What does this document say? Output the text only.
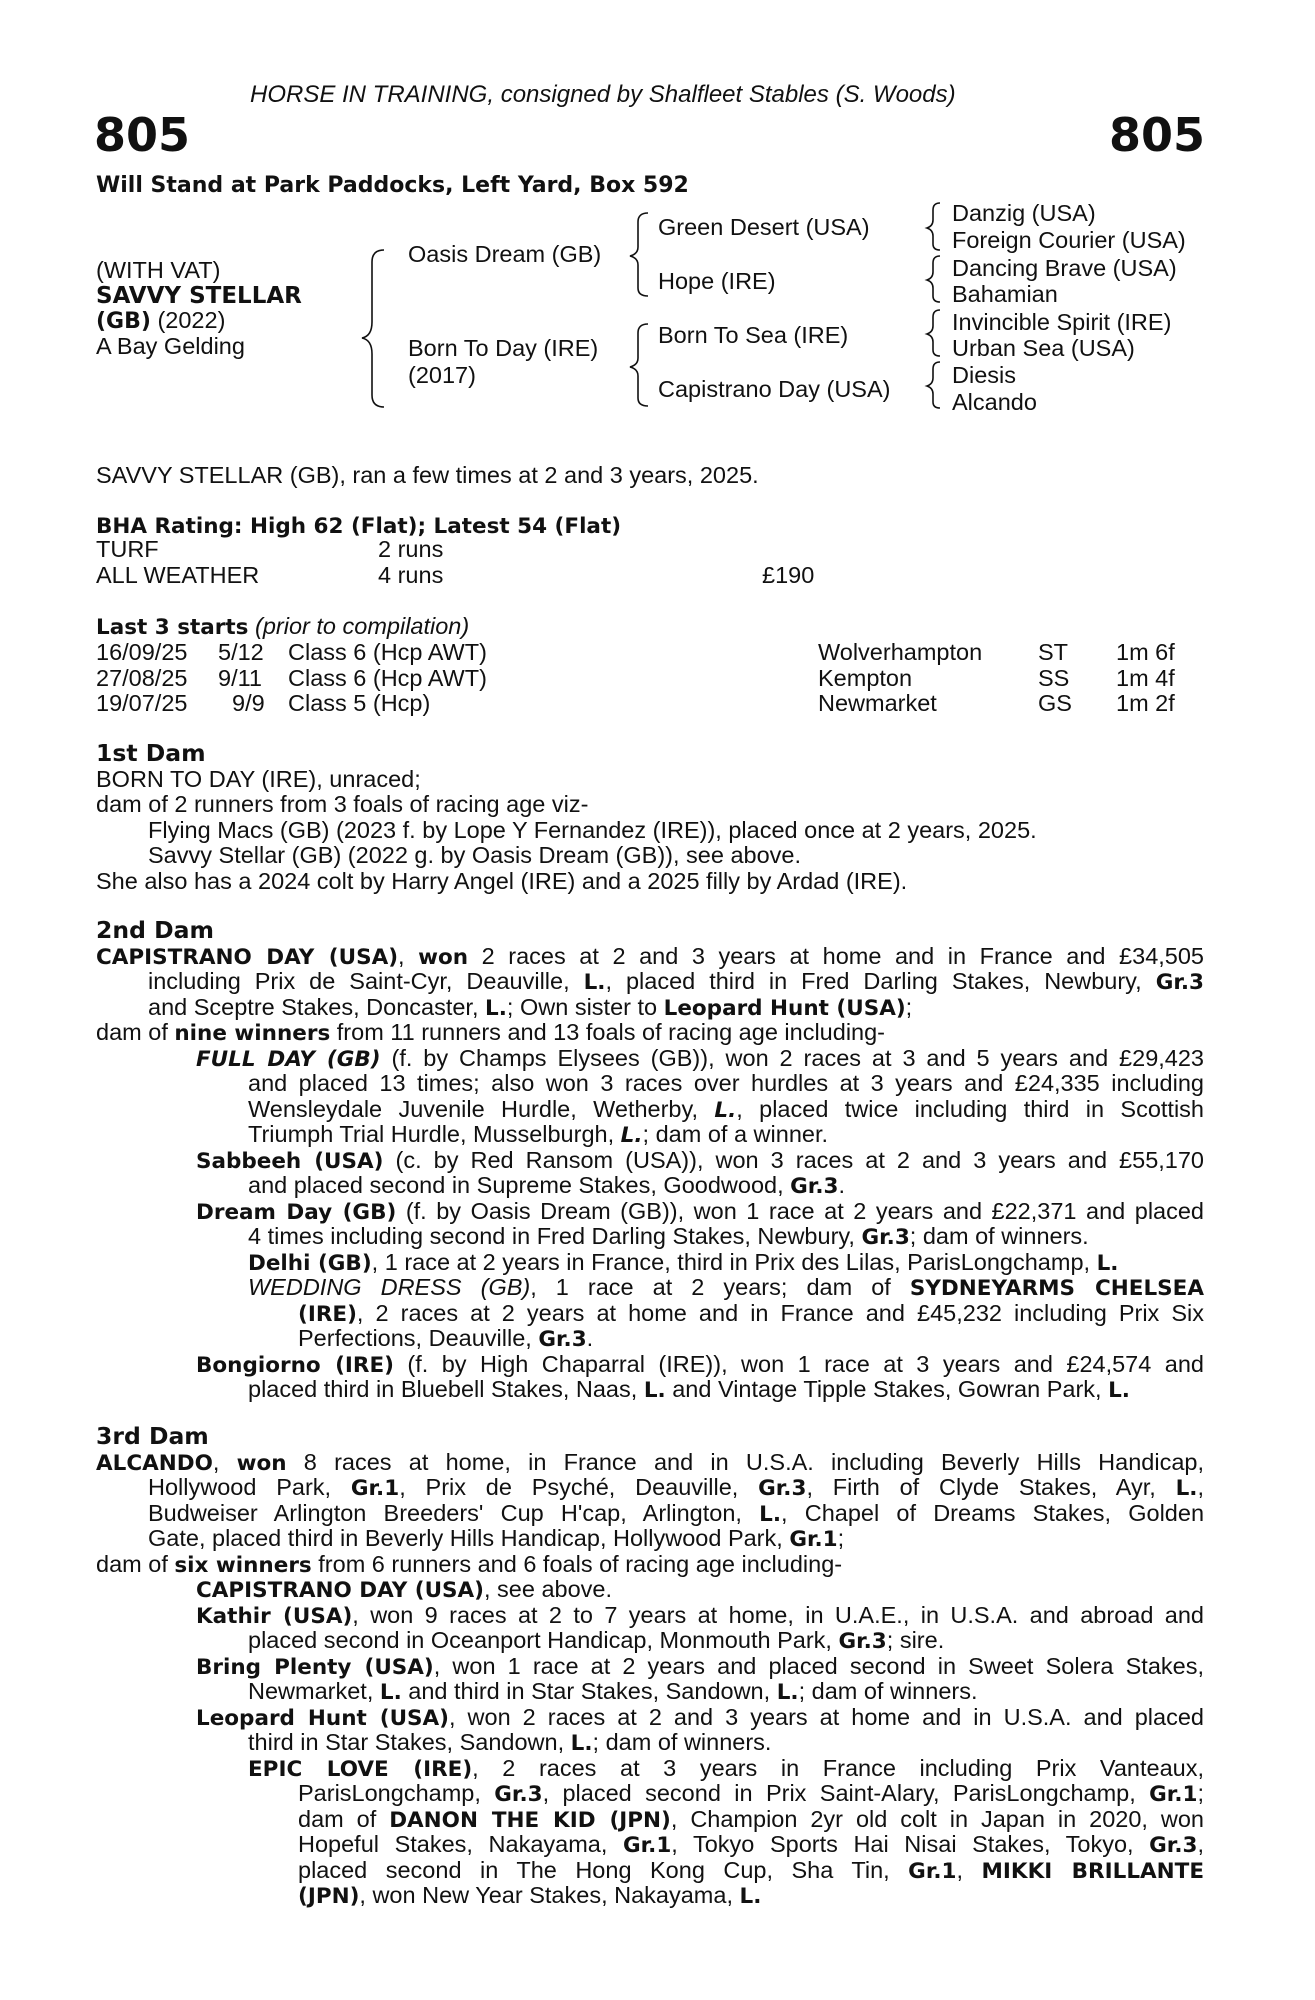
HORSE IN TRAINING, consigned by Shalfleet Stables (S. Woods)
805	805
Will Stand at Park Paddocks, Left Yard, Box 592
(WITH VAT)
SAVVY STELLAR
(GB) (2022)
A Bay Gelding
Oasis Dream (GB)
Born To Day (IRE)
(2017)
Green Desert (USA)
Hope (IRE)
Born To Sea (IRE)
Capistrano Day (USA)
Danzig (USA)
Foreign Courier (USA)
Dancing Brave (USA)
Bahamian
Invincible Spirit (IRE)
Urban Sea (USA)
Diesis
Alcando
SAVVY STELLAR (GB), ran a few times at 2 and 3 years, 2025.
BHA Rating: High 62 (Flat); Latest 54 (Flat)
TURF	2 runs
ALL WEATHER	4 runs	£190
Last 3 starts (prior to compilation)
16/09/25 5/12 Class 6 (Hcp AWT)	Wolverhampton ST 1m 6f
27/08/25 9/11 Class 6 (Hcp AWT)	Kempton	SS 1m 4f
19/07/25 9/9 Class 5 (Hcp)	Newmarket	GS 1m 2f
1st Dam
BORN TO DAY (IRE), unraced;
dam of 2 runners from 3 foals of racing age viz-
Flying Macs (GB) (2023 f. by Lope Y Fernandez (IRE)), placed once at 2 years, 2025.
Savvy Stellar (GB) (2022 g. by Oasis Dream (GB)), see above.
She also has a 2024 colt by Harry Angel (IRE) and a 2025 filly by Ardad (IRE).
2nd Dam
CAPISTRANO DAY (USA), won 2 races at 2 and 3 years at home and in France and £34,505
including Prix de Saint-Cyr, Deauville, L., placed third in Fred Darling Stakes, Newbury, Gr.3
and Sceptre Stakes, Doncaster, L.; Own sister to Leopard Hunt (USA);
dam of nine winners from 11 runners and 13 foals of racing age including-
FULL DAY (GB) (f. by Champs Elysees (GB)), won 2 races at 3 and 5 years and £29,423
and placed 13 times; also won 3 races over hurdles at 3 years and £24,335 including
Wensleydale Juvenile Hurdle, Wetherby, L., placed twice including third in Scottish
Triumph Trial Hurdle, Musselburgh, L.; dam of a winner.
Sabbeeh (USA) (c. by Red Ransom (USA)), won 3 races at 2 and 3 years and £55,170
and placed second in Supreme Stakes, Goodwood, Gr.3.
Dream Day (GB) (f. by Oasis Dream (GB)), won 1 race at 2 years and £22,371 and placed
4 times including second in Fred Darling Stakes, Newbury, Gr.3; dam of winners.
Delhi (GB), 1 race at 2 years in France, third in Prix des Lilas, ParisLongchamp, L.
WEDDING DRESS (GB), 1 race at 2 years; dam of SYDNEYARMS CHELSEA
(IRE), 2 races at 2 years at home and in France and £45,232 including Prix Six
Perfections, Deauville, Gr.3.
Bongiorno (IRE) (f. by High Chaparral (IRE)), won 1 race at 3 years and £24,574 and
placed third in Bluebell Stakes, Naas, L. and Vintage Tipple Stakes, Gowran Park, L.
3rd Dam
ALCANDO, won 8 races at home, in France and in U.S.A. including Beverly Hills Handicap,
Hollywood Park, Gr.1, Prix de Psyché, Deauville, Gr.3, Firth of Clyde Stakes, Ayr, L.,
Budweiser Arlington Breeders' Cup H'cap, Arlington, L., Chapel of Dreams Stakes, Golden
Gate, placed third in Beverly Hills Handicap, Hollywood Park, Gr.1;
dam of six winners from 6 runners and 6 foals of racing age including-
CAPISTRANO DAY (USA), see above.
Kathir (USA), won 9 races at 2 to 7 years at home, in U.A.E., in U.S.A. and abroad and
placed second in Oceanport Handicap, Monmouth Park, Gr.3; sire.
Bring Plenty (USA), won 1 race at 2 years and placed second in Sweet Solera Stakes,
Newmarket, L. and third in Star Stakes, Sandown, L.; dam of winners.
Leopard Hunt (USA), won 2 races at 2 and 3 years at home and in U.S.A. and placed
third in Star Stakes, Sandown, L.; dam of winners.
EPIC LOVE (IRE), 2 races at 3 years in France including Prix Vanteaux,
ParisLongchamp, Gr.3, placed second in Prix Saint-Alary, ParisLongchamp, Gr.1;
dam of DANON THE KID (JPN), Champion 2yr old colt in Japan in 2020, won
Hopeful Stakes, Nakayama, Gr.1, Tokyo Sports Hai Nisai Stakes, Tokyo, Gr.3,
placed second in The Hong Kong Cup, Sha Tin, Gr.1, MIKKI BRILLANTE
(JPN), won New Year Stakes, Nakayama, L.
